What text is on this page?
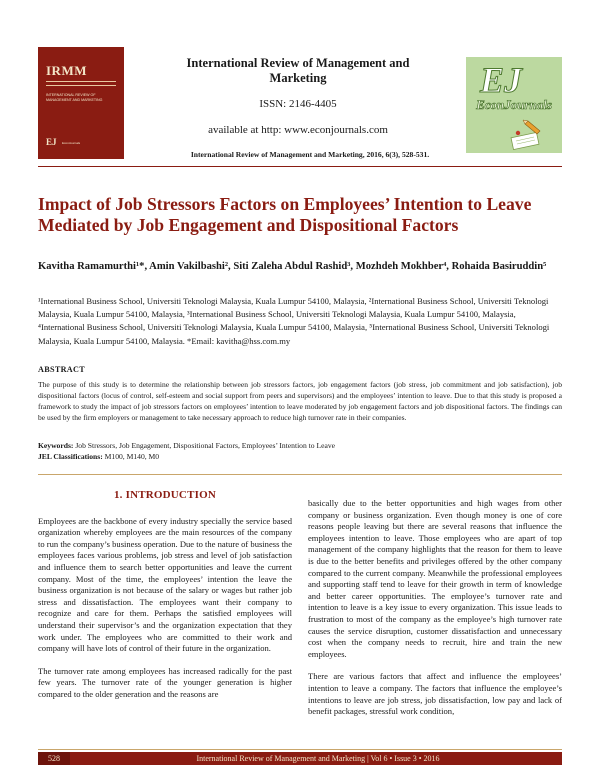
IRMM
INTERNATIONAL REVIEW OF MANAGEMENT AND MARKETING
EJ EconJournals
International Review of Management and Marketing
ISSN: 2146-4405
available at http: www.econjournals.com
International Review of Management and Marketing, 2016, 6(3), 528-531.
EJ
EconJournals
Impact of Job Stressors Factors on Employees’ Intention to Leave Mediated by Job Engagement and Dispositional Factors
Kavitha Ramamurthi¹*, Amin Vakilbashi², Siti Zaleha Abdul Rashid³, Mozhdeh Mokhber⁴, Rohaida Basiruddin⁵
¹International Business School, Universiti Teknologi Malaysia, Kuala Lumpur 54100, Malaysia, ²International Business School, Universiti Teknologi Malaysia, Kuala Lumpur 54100, Malaysia, ³International Business School, Universiti Teknologi Malaysia, Kuala Lumpur 54100, Malaysia, ⁴International Business School, Universiti Teknologi Malaysia, Kuala Lumpur 54100, Malaysia, ⁵International Business School, Universiti Teknologi Malaysia, Kuala Lumpur 54100, Malaysia. *Email: kavitha@hss.com.my
ABSTRACT
The purpose of this study is to determine the relationship between job stressors factors, job engagement factors (job stress, job commitment and job satisfaction), job dispositional factors (locus of control, self-esteem and social support from peers and supervisors) and the employees’ intention to leave. Due to that this study is proposed a framework to study the impact of job stressors factors on employees’ intention to leave moderated by job engagement factors and job dispositional factors. The findings can be used by the firm employers or management to take necessary approach to reduce high turnover rate in their companies.
Keywords: Job Stressors, Job Engagement, Dispositional Factors, Employees’ Intention to Leave
JEL Classifications: M100, M140, M0
1. INTRODUCTION
Employees are the backbone of every industry specially the service based organization whereby employees are the main resources of the company to run the company’s business operation. Due to the nature of business the employees faces various problems, job stress and level of job satisfaction and influence them to search better opportunities and leave the current company. Most of the time, the employees’ intention the leave the business organization is not because of the salary or wages but rather job stress and dissatisfaction. The employees want their company to recognize and care for them. Perhaps the satisfied employees will understand their supervisor’s and the organization expectation that they work under. The employees who are committed to their work and company will have lots of control of their future in the organization.
The turnover rate among employees has increased radically for the past few years. The turnover rate of the younger generation is higher compared to the older generation and the reasons are
basically due to the better opportunities and high wages from other company or business organization. Even though money is one of core reasons people leaving but there are several reasons that influence the employees intention to leave. Those employees who are apart of top management of the company highlights that the reason for them to leave is due to the better benefits and privileges offered by the other company compared to the current company. Meanwhile the professional employees and supporting staff tend to leave for their growth in term of knowledge and better career opportunities. The employee’s turnover rate and intention to leave is a key issue to every organization. This issue leads to frustration to most of the company as the employee’s high turnover rate causes the service disruption, customer dissatisfaction and unnecessary cost when the company needs to recruit, hire and train the new employees.
There are various factors that affect and influence the employees’ intention to leave a company. The factors that influence the employee’s intentions to leave are job stress, job dissatisfaction, low pay and lack of benefit packages, stressful work condition,
528	International Review of Management and Marketing | Vol 6 • Issue 3 • 2016
